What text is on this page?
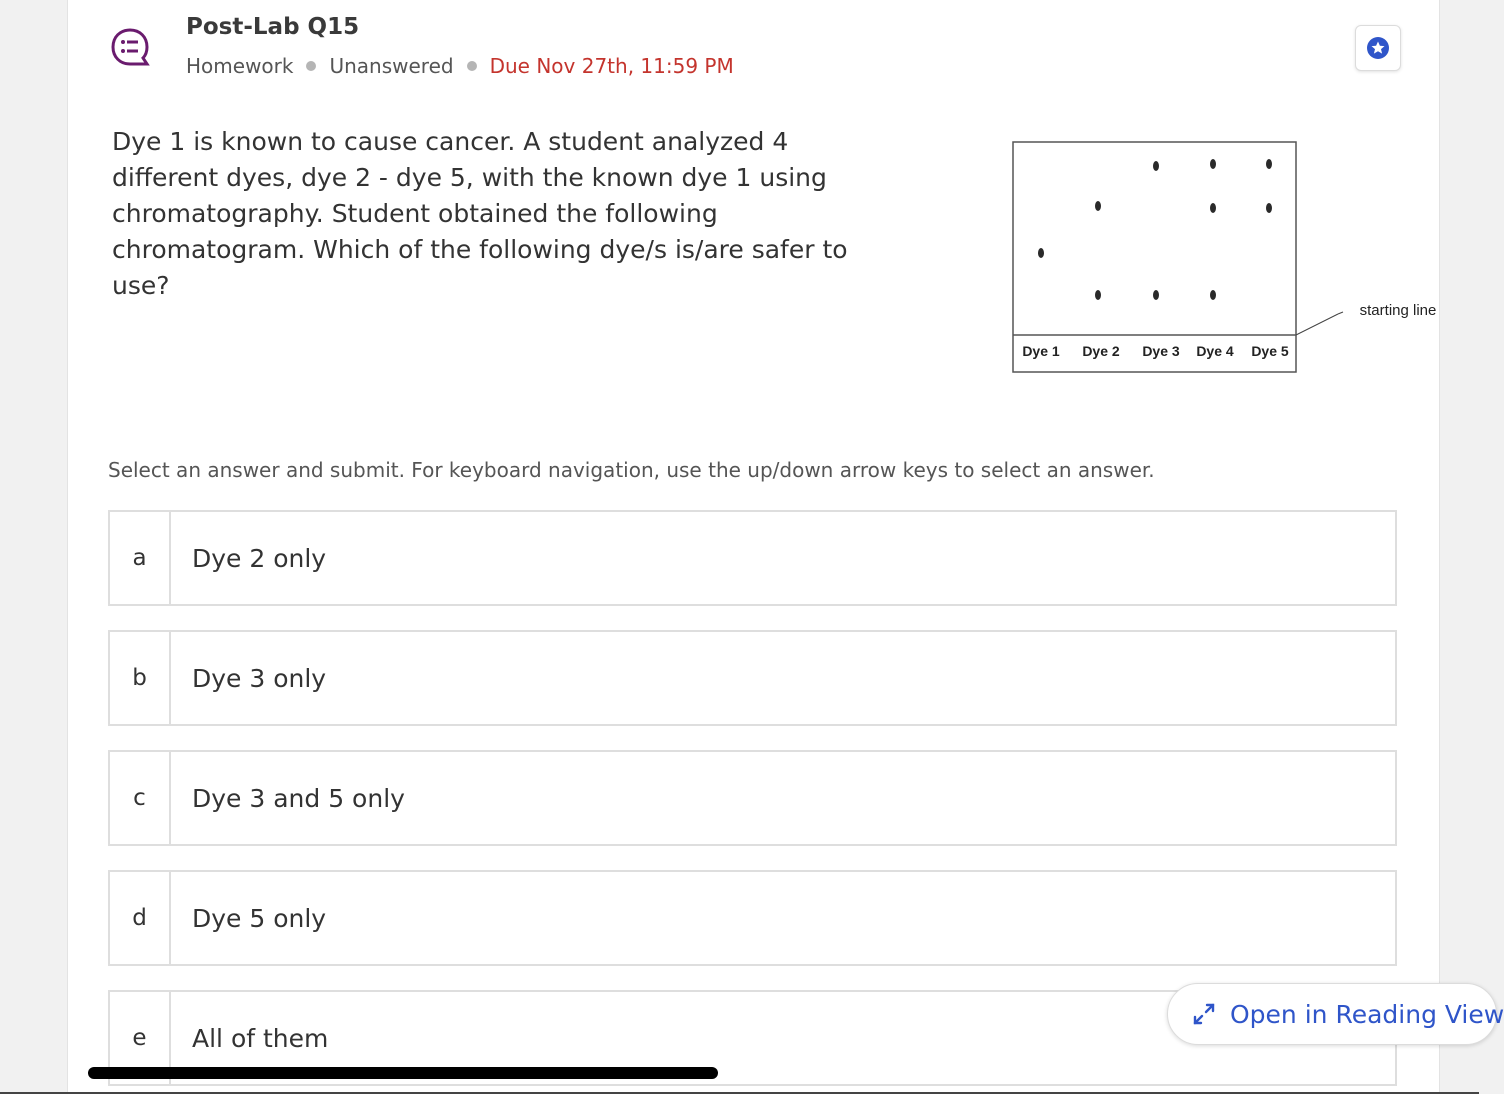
Post-Lab Q15
Homework Unanswered Due Nov 27th, 11:59 PM
Dye 1 is known to cause cancer. A student analyzed 4 different dyes, dye 2 - dye 5, with the known dye 1 using chromatography. Student obtained the following chromatogram. Which of the following dye/s is/are safer to use?
Dye 1 Dye 2 Dye 3 Dye 4 Dye 5
starting line
Select an answer and submit. For keyboard navigation, use the up/down arrow keys to select an answer.
a	Dye 2 only
b	Dye 3 only
c	Dye 3 and 5 only
d	Dye 5 only
e	All of them
Open in Reading View
